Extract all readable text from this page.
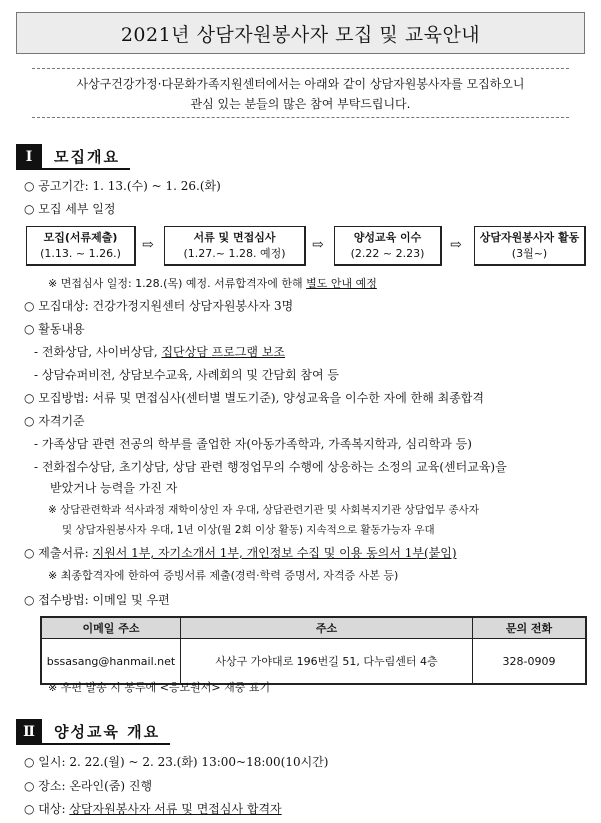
2021년 상담자원봉사자 모집 및 교육안내
사상구건강가정·다문화가족지원센터에서는 아래와 같이 상담자원봉사자를 모집하오니
관심 있는 분들의 많은 참여 부탁드립니다.
Ⅰ	모집개요
○ 공고기간: 1. 13.(수) ~ 1. 26.(화)
○ 모집 세부 일정
모집(서류제출)
(1.13. ~ 1.26.)
⇨	서류 및 면접심사
(1.27.~ 1.28. 예정)
⇨	양성교육 이수
(2.22 ~ 2.23)
⇨	상담자원봉사자 활동
(3월~)
※ 면접심사 일정: 1.28.(목) 예정. 서류합격자에 한해 별도 안내 예정
○ 모집대상: 건강가정지원센터 상담자원봉사자 3명
○ 활동내용
- 전화상담, 사이버상담, 집단상담 프로그램 보조
- 상담슈퍼비전, 상담보수교육, 사례회의 및 간담회 참여 등
○ 모집방법: 서류 및 면접심사(센터별 별도기준), 양성교육을 이수한 자에 한해 최종합격
○ 자격기준
- 가족상담 관련 전공의 학부를 졸업한 자(아동가족학과, 가족복지학과, 심리학과 등)
- 전화접수상담, 초기상담, 상담 관련 행정업무의 수행에 상응하는 소정의 교육(센터교육)을
받았거나 능력을 가진 자
※ 상담관련학과 석사과정 재학이상인 자 우대, 상담관련기관 및 사회복지기관 상담업무 종사자
및 상담자원봉사자 우대, 1년 이상(월 2회 이상 활동) 지속적으로 활동가능자 우대
○ 제출서류: 지원서 1부, 자기소개서 1부, 개인정보 수집 및 이용 동의서 1부(붙임)
※ 최종합격자에 한하여 증빙서류 제출(경력·학력 증명서, 자격증 사본 등)
○ 접수방법: 이메일 및 우편
이메일 주소	주소	문의 전화
bssasang@hanmail.net	사상구 가야대로 196번길 51, 다누림센터 4층	328-0909
※ 우편 발송 시 봉투에 <응모원서> 재중 표기
Ⅱ	양성교육 개요
○ 일시: 2. 22.(월) ~ 2. 23.(화) 13:00~18:00(10시간)
○ 장소: 온라인(줌) 진행
○ 대상: 상담자원봉사자 서류 및 면접심사 합격자
